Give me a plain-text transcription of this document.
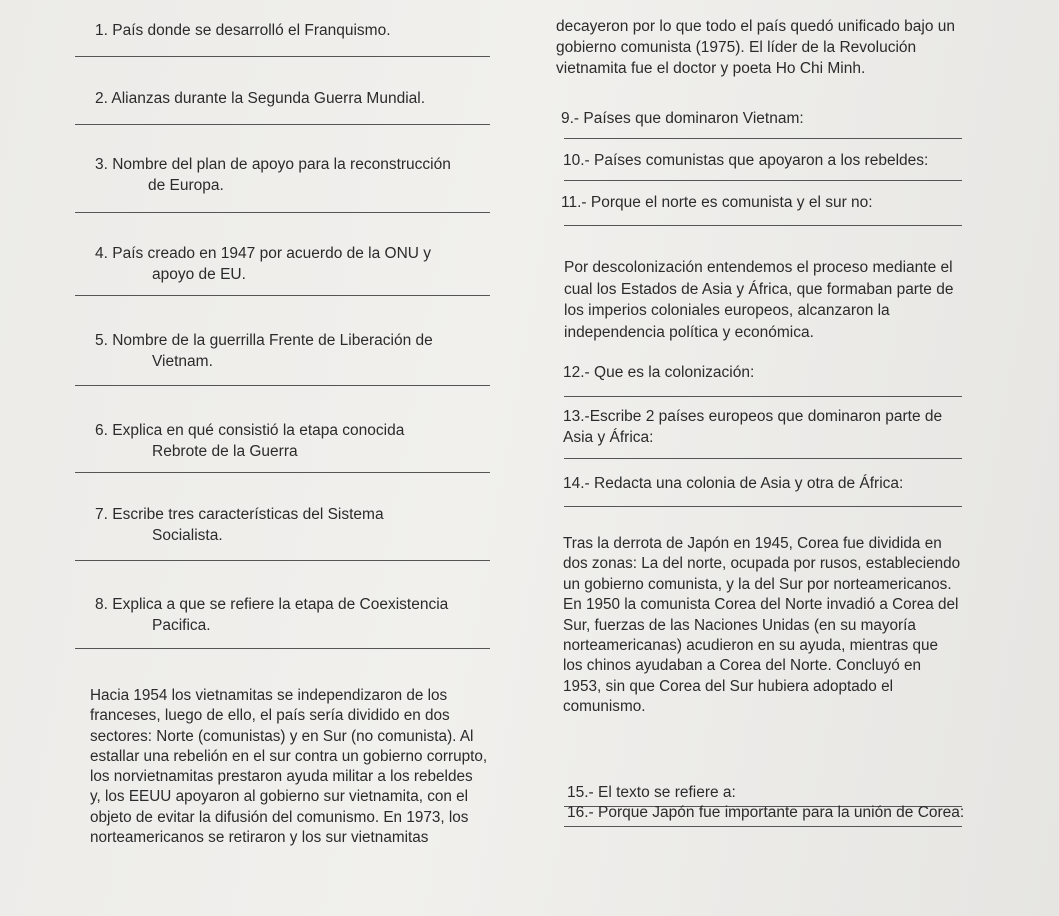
1. País donde se desarrolló el Franquismo.
2. Alianzas durante la Segunda Guerra Mundial.
3. Nombre del plan de apoyo para la reconstrucción
de Europa.
4. País creado en 1947 por acuerdo de la ONU y
apoyo de EU.
5. Nombre de la guerrilla Frente de Liberación de
Vietnam.
6. Explica en qué consistió la etapa conocida
Rebrote de la Guerra
7. Escribe tres características del Sistema
Socialista.
8. Explica a que se refiere la etapa de Coexistencia
Pacifica.
Hacia 1954 los vietnamitas se independizaron de los
franceses, luego de ello, el país sería dividido en dos
sectores: Norte (comunistas) y en Sur (no comunista). Al
estallar una rebelión en el sur contra un gobierno corrupto,
los norvietnamitas prestaron ayuda militar a los rebeldes
y, los EEUU apoyaron al gobierno sur vietnamita, con el
objeto de evitar la difusión del comunismo. En 1973, los
norteamericanos se retiraron y los sur vietnamitas
decayeron por lo que todo el país quedó unificado bajo un
gobierno comunista (1975). El líder de la Revolución
vietnamita fue el doctor y poeta Ho Chi Minh.
9.- Países que dominaron Vietnam:
10.- Países comunistas que apoyaron a los rebeldes:
11.- Porque el norte es comunista y el sur no:
Por descolonización entendemos el proceso mediante el
cual los Estados de Asia y África, que formaban parte de
los imperios coloniales europeos, alcanzaron la
independencia política y económica.
12.- Que es la colonización:
13.-Escribe 2 países europeos que dominaron parte de
Asia y África:
14.- Redacta una colonia de Asia y otra de África:
Tras la derrota de Japón en 1945, Corea fue dividida en
dos zonas: La del norte, ocupada por rusos, estableciendo
un gobierno comunista, y la del Sur por norteamericanos.
En 1950 la comunista Corea del Norte invadió a Corea del
Sur, fuerzas de las Naciones Unidas (en su mayoría
norteamericanas) acudieron en su ayuda, mientras que
los chinos ayudaban a Corea del Norte. Concluyó en
1953, sin que Corea del Sur hubiera adoptado el
comunismo.
15.- El texto se refiere a:
16.- Porque Japón fue importante para la unión de Corea:
